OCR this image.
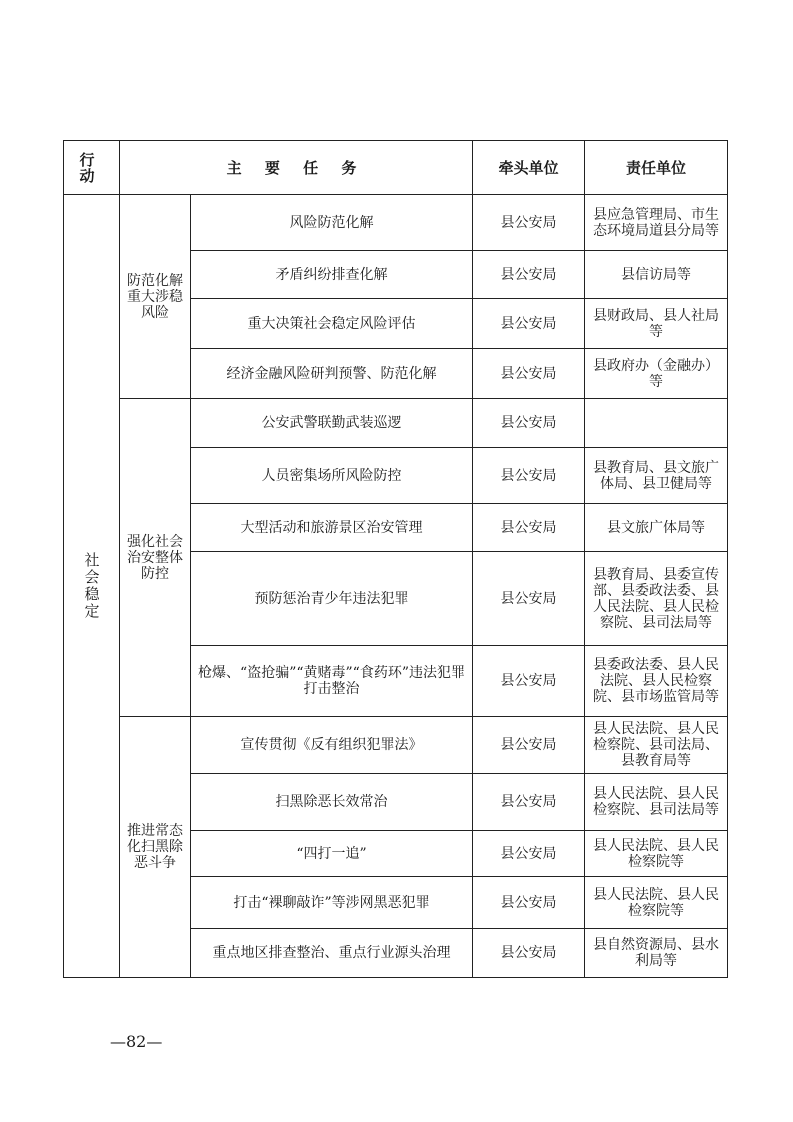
行 动	主 要 任 务		牵头单位	责任单位

社会稳定	防范化解重大涉稳风险	风险防范化解	县公安局	县应急管理局、市生态环境局道县分局等
		矛盾纠纷排查化解	县公安局	县信访局等
		重大决策社会稳定风险评估	县公安局	县财政局、县人社局等
		经济金融风险研判预警、防范化解	县公安局	县政府办（金融办）等
	强化社会治安整体防控	公安武警联勤武装巡逻	县公安局	
		人员密集场所风险防控	县公安局	县教育局、县文旅广体局、县卫健局等
		大型活动和旅游景区治安管理	县公安局	县文旅广体局等
		预防惩治青少年违法犯罪	县公安局	县教育局、县委宣传部、县委政法委、县人民法院、县人民检察院、县司法局等
		枪爆、“盗抢骗”“黄赌毒”“食药环”违法犯罪打击整治	县公安局	县委政法委、县人民法院、县人民检察院、县市场监管局等
	推进常态化扫黑除恶斗争	宣传贯彻《反有组织犯罪法》	县公安局	县人民法院、县人民检察院、县司法局、县教育局等
		扫黑除恶长效常治	县公安局	县人民法院、县人民检察院、县司法局等
		“四打一追”	县公安局	县人民法院、县人民检察院等
		打击“裸聊敲诈”等涉网黑恶犯罪	县公安局	县人民法院、县人民检察院等
		重点地区排查整治、重点行业源头治理	县公安局	县自然资源局、县水利局等
—82—
